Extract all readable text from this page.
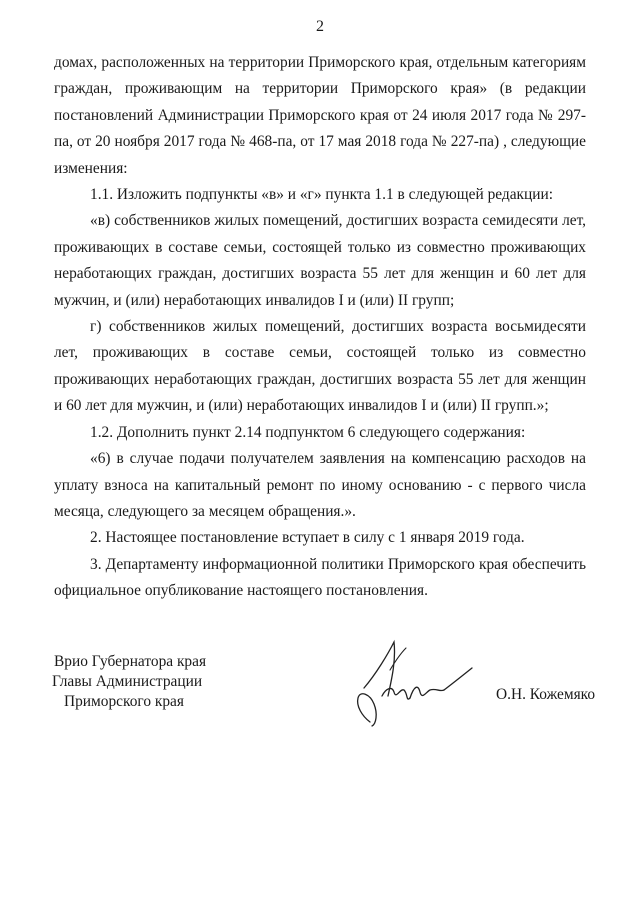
2

домах, расположенных на территории Приморского края, отдельным категориям граждан, проживающим на территории Приморского края» (в редакции постановлений Администрации Приморского края от 24 июля 2017 года № 297-па, от 20 ноября 2017 года № 468-па, от 17 мая 2018 года № 227-па) , следующие изменения:

1.1. Изложить подпункты «в» и «г» пункта 1.1 в следующей редакции:

«в) собственников жилых помещений, достигших возраста семидесяти лет, проживающих в составе семьи, состоящей только из совместно проживающих неработающих граждан, достигших возраста 55 лет для женщин и 60 лет для мужчин, и (или) неработающих инвалидов I и (или) II групп;

г) собственников жилых помещений, достигших возраста восьмидесяти лет, проживающих в составе семьи, состоящей только из совместно проживающих неработающих граждан, достигших возраста 55 лет для женщин и 60 лет для мужчин, и (или) неработающих инвалидов I и (или) II групп.»;

1.2. Дополнить пункт 2.14 подпунктом 6 следующего содержания:

«6) в случае подачи получателем заявления на компенсацию расходов на уплату взноса на капитальный ремонт по иному основанию - с первого числа месяца, следующего за месяцем обращения.».

2. Настоящее постановление вступает в силу с 1 января 2019 года.

3. Департаменту информационной политики Приморского края обеспечить официальное опубликование настоящего постановления.

Врио Губернатора края
Главы Администрации
Приморского края	О.Н. Кожемяко
